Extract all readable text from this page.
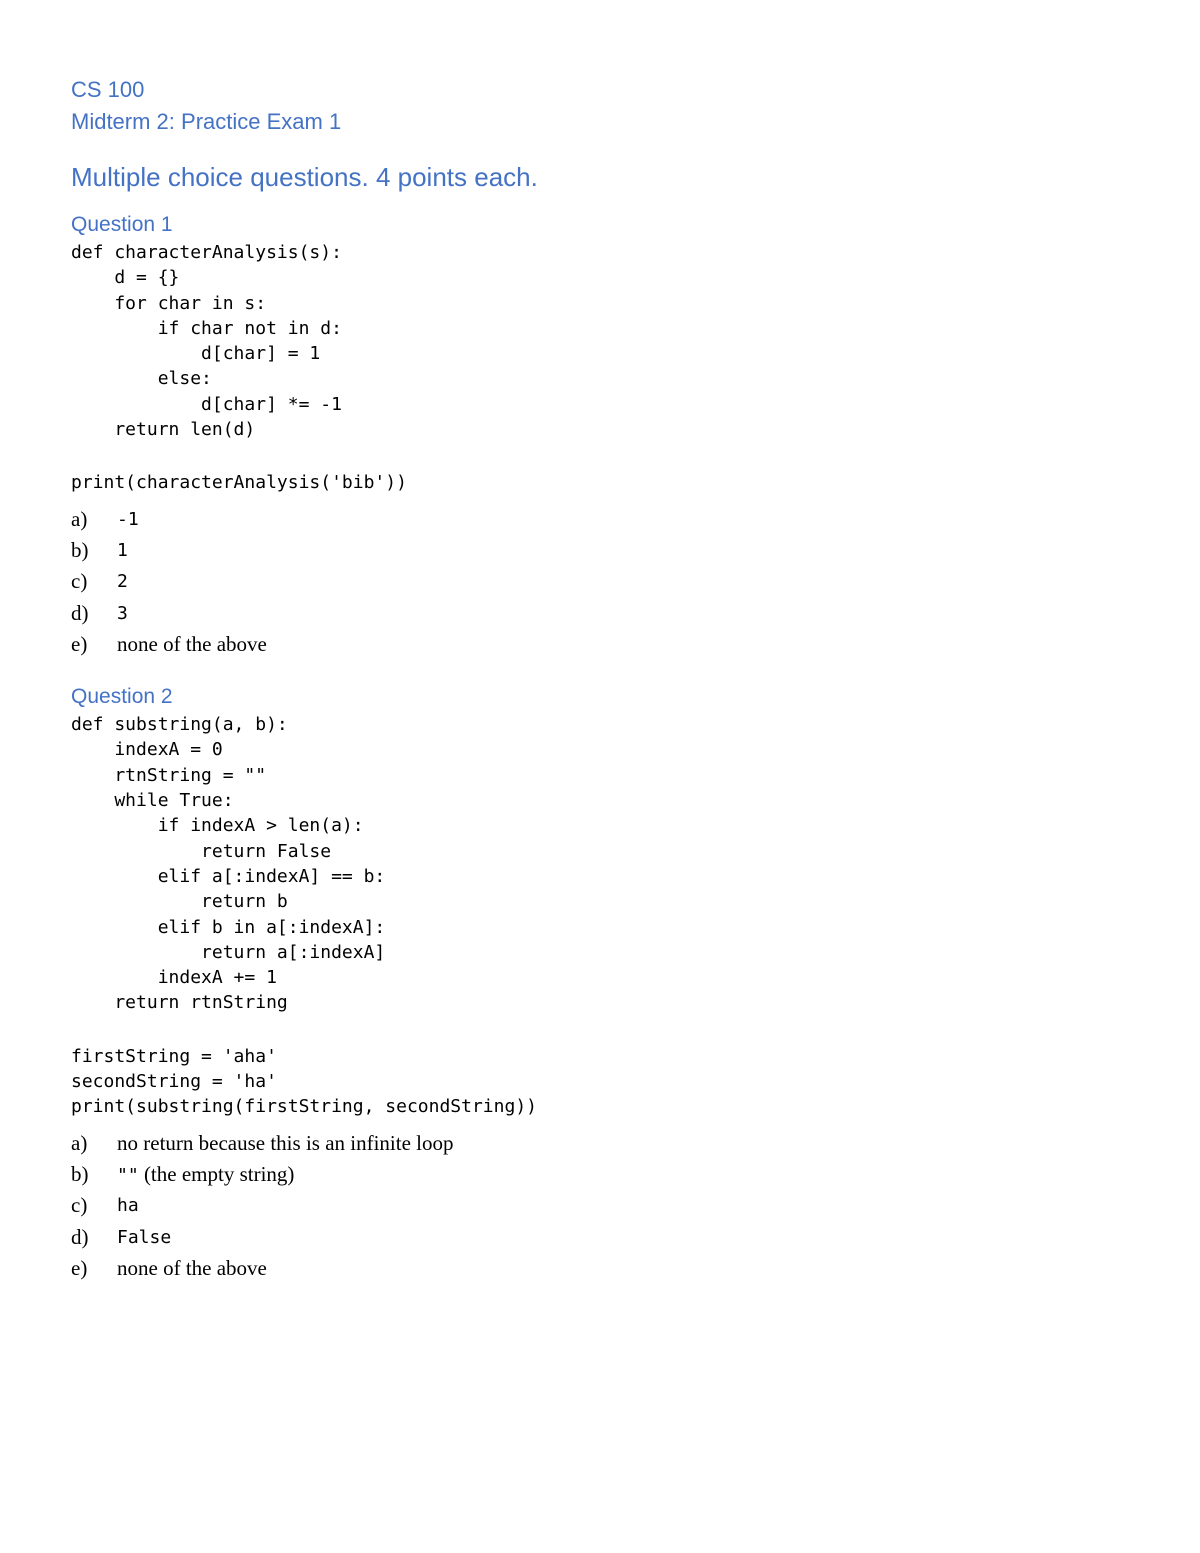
CS 100
Midterm 2: Practice Exam 1
Multiple choice questions. 4 points each.
Question 1
def characterAnalysis(s):
d = {}
for char in s:
if char not in d:
d[char] = 1
else:
d[char] *= -1
return len(d)
print(characterAnalysis('bib'))
a)	-1
b)	1
c)	2
d)	3
e)	none of the above
Question 2
def substring(a, b):
indexA = 0
rtnString = ""
while True:
if indexA > len(a):
return False
elif a[:indexA] == b:
return b
elif b in a[:indexA]:
return a[:indexA]
indexA += 1
return rtnString
firstString = 'aha'
secondString = 'ha'
print(substring(firstString, secondString))
a)	no return because this is an infinite loop
b)	"" (the empty string)
c)	ha
d)	False
e)	none of the above
